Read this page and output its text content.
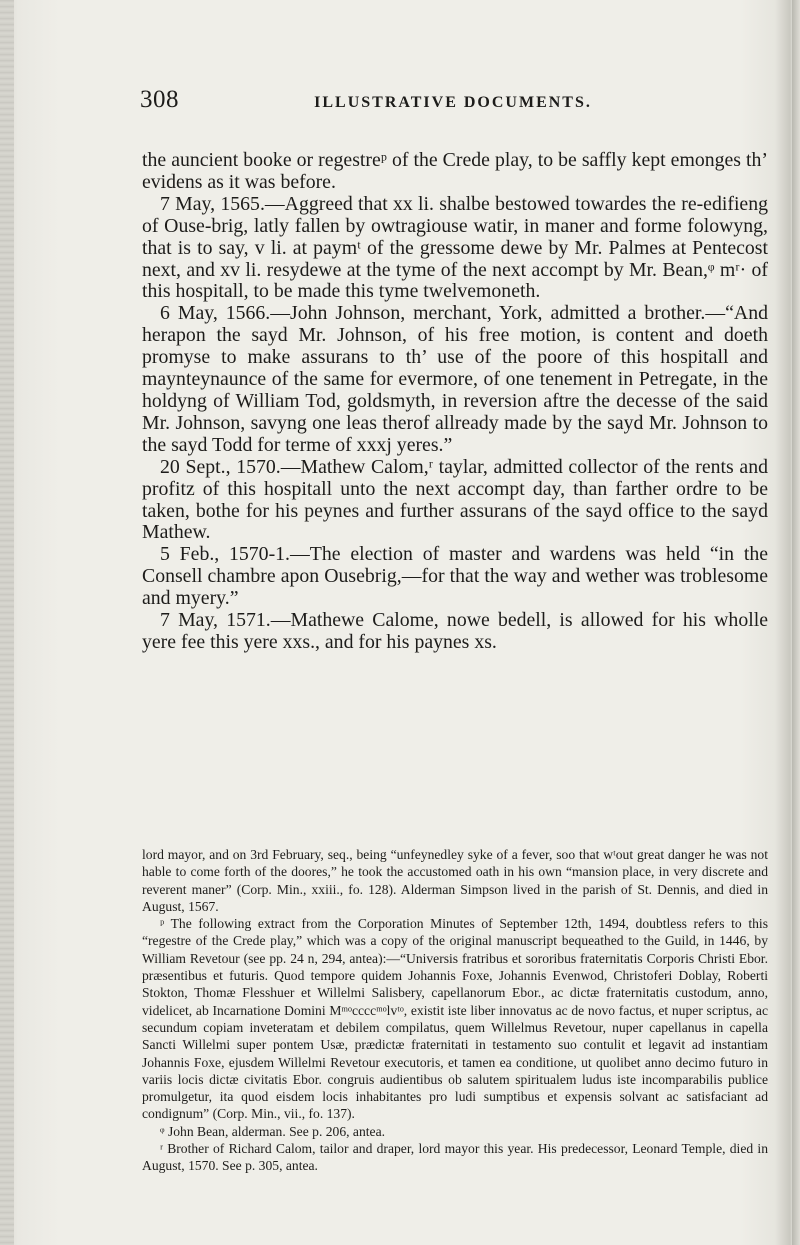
308	ILLUSTRATIVE DOCUMENTS.

the auncient booke or regestreᵖ of the Crede play, to be saffly kept emonges th’ evidens as it was before.

7 May, 1565.—Aggreed that xx li. shalbe bestowed towardes the re-edifieng of Ouse-brig, latly fallen by owtragiouse watir, in maner and forme folowyng, that is to say, v li. at paymᵗ of the gressome dewe by Mr. Palmes at Pentecost next, and xv li. resydewe at the tyme of the next accompt by Mr. Bean,ᵠ mʳ· of this hospitall, to be made this tyme twelvemoneth.

6 May, 1566.—John Johnson, merchant, York, admitted a brother.—“And herapon the sayd Mr. Johnson, of his free motion, is content and doeth promyse to make assurans to th’ use of the poore of this hospitall and maynteynaunce of the same for evermore, of one tenement in Petregate, in the holdyng of William Tod, goldsmyth, in reversion aftre the decesse of the said Mr. Johnson, savyng one leas therof allready made by the sayd Mr. Johnson to the sayd Todd for terme of xxxj yeres.”

20 Sept., 1570.—Mathew Calom,ʳ taylar, admitted collector of the rents and profitz of this hospitall unto the next accompt day, than farther ordre to be taken, bothe for his peynes and further assurans of the sayd office to the sayd Mathew.

5 Feb., 1570-1.—The election of master and wardens was held “in the Consell chambre apon Ousebrig,—for that the way and wether was troblesome and myery.”

7 May, 1571.—Mathewe Calome, nowe bedell, is allowed for his wholle yere fee this yere xxs., and for his paynes xs.

lord mayor, and on 3rd February, seq., being “unfeynedley syke of a fever, soo that wᵗout great danger he was not hable to come forth of the doores,” he took the accustomed oath in his own “mansion place, in very discrete and reverent maner” (Corp. Min., xxiii., fo. 128). Alderman Simpson lived in the parish of St. Dennis, and died in August, 1567.

ᵖ The following extract from the Corporation Minutes of September 12th, 1494, doubtless refers to this “regestre of the Crede play,” which was a copy of the original manuscript bequeathed to the Guild, in 1446, by William Revetour (see pp. 24 n, 294, antea):—“Universis fratribus et sororibus fraternitatis Corporis Christi Ebor. præsentibus et futuris. Quod tempore quidem Johannis Foxe, Johannis Evenwod, Christoferi Doblay, Roberti Stokton, Thomæ Flesshuer et Willelmi Salisbery, capellanorum Ebor., ac dictæ fraternitatis custodum, anno, videlicet, ab Incarnatione Domini Mᵐᵒccccᵐᵒlvᵗᵒ, existit iste liber innovatus ac de novo factus, et nuper scriptus, ac secundum copiam inveteratam et debilem compilatus, quem Willelmus Revetour, nuper capellanus in capella Sancti Willelmi super pontem Usæ, prædictæ fraternitati in testamento suo contulit et legavit ad instantiam Johannis Foxe, ejusdem Willelmi Revetour executoris, et tamen ea conditione, ut quolibet anno decimo futuro in variis locis dictæ civitatis Ebor. congruis audientibus ob salutem spiritualem ludus iste incomparabilis publice promulgetur, ita quod eisdem locis inhabitantes pro ludi sumptibus et expensis solvant ac satisfaciant ad condignum” (Corp. Min., vii., fo. 137).

ᵠ John Bean, alderman. See p. 206, antea.

ʳ Brother of Richard Calom, tailor and draper, lord mayor this year. His predecessor, Leonard Temple, died in August, 1570. See p. 305, antea.
